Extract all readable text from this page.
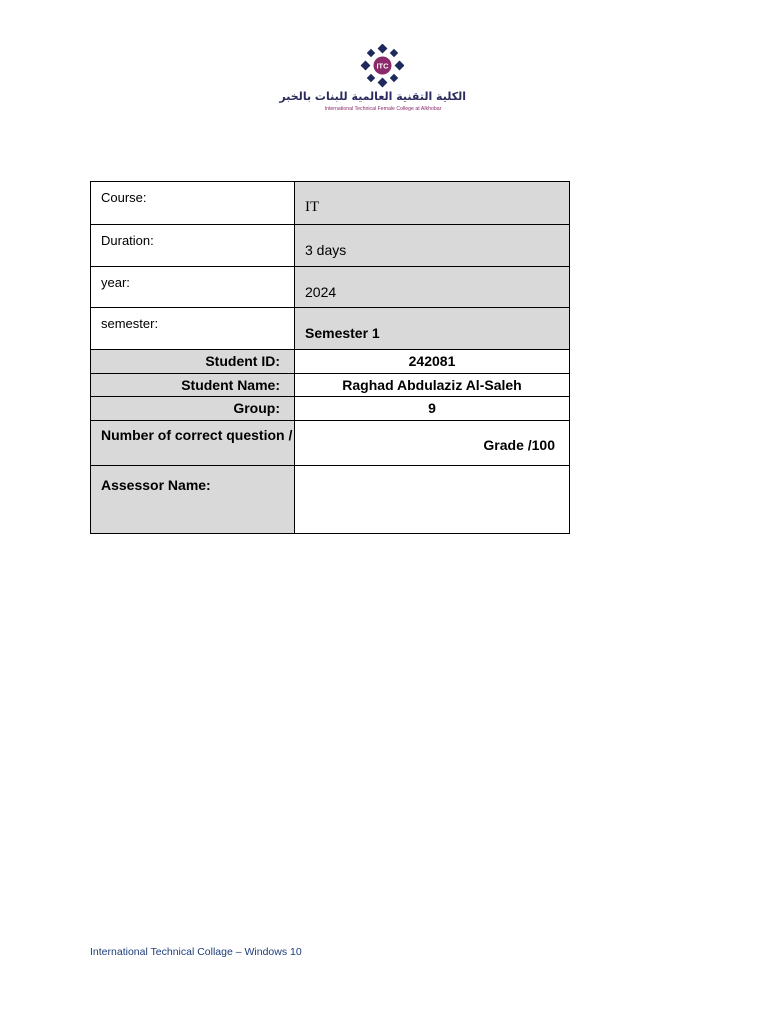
ITC
الكلية التقنية العالمية للبنات بالخبر
International Technical Female College at Alkhobar
Course:	IT

Duration:	3 days

year:	2024

semester:	Semester 1

Student ID:	242081
Student Name:	Raghad Abdulaziz Al-Saleh
Group:	9
Number of correct question /	Grade /100
Assessor Name:	
International Technical Collage – Windows 10
